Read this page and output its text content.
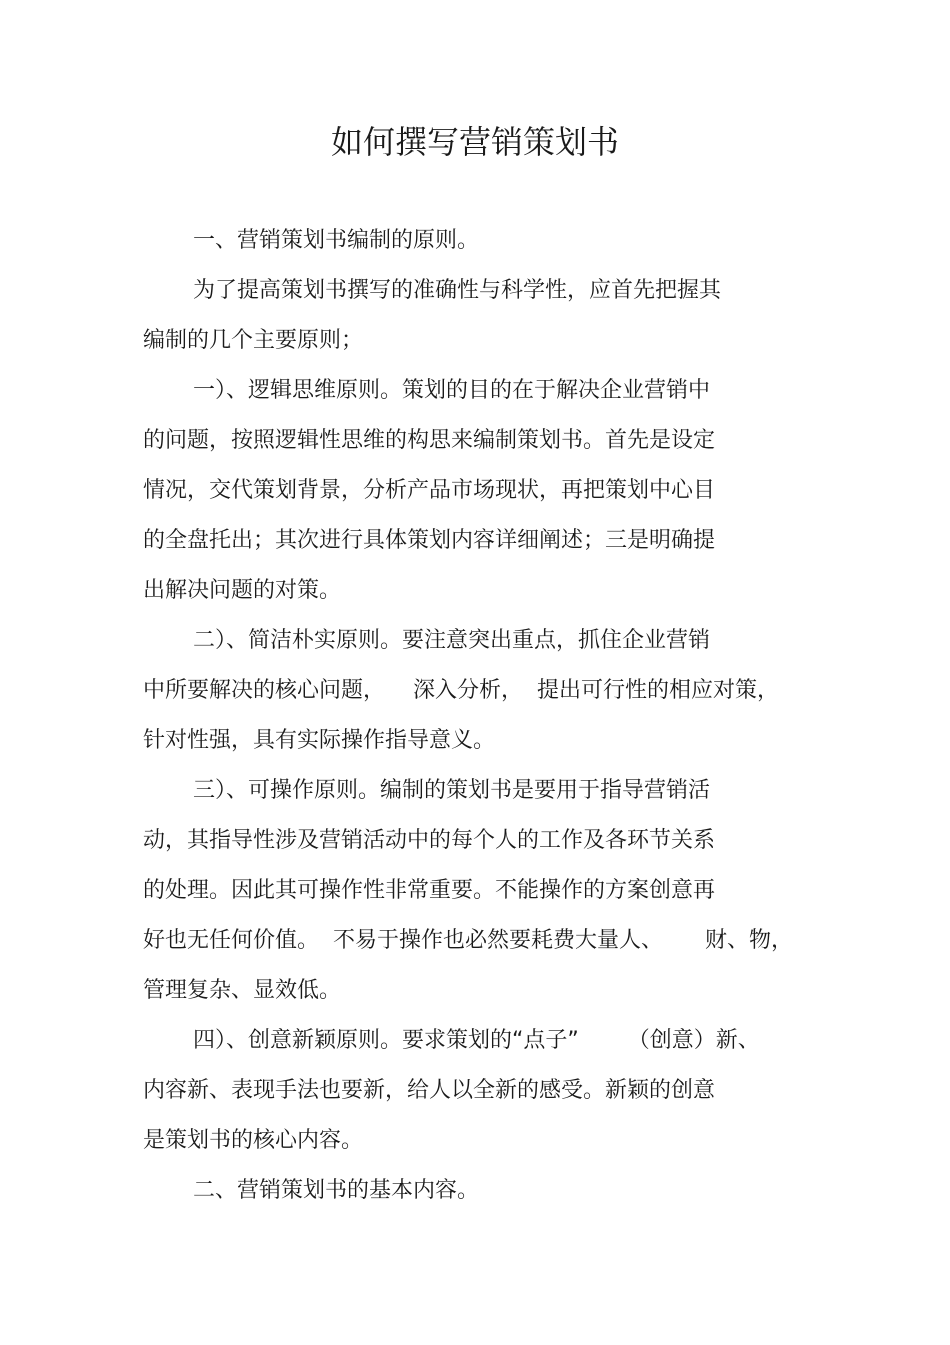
如何撰写营销策划书
一、营销策划书编制的原则。
为了提高策划书撰写的准确性与科学性，应首先把握其
编制的几个主要原则；
一）、逻辑思维原则。策划的目的在于解决企业营销中
的问题，按照逻辑性思维的构思来编制策划书。首先是设定
情况，交代策划背景，分析产品市场现状，再把策划中心目
的全盘托出；其次进行具体策划内容详细阐述；三是明确提
出解决问题的对策。
二）、简洁朴实原则。要注意突出重点，抓住企业营销
中所要解决的核心问题，    深入分析，  提出可行性的相应对策，
针对性强，具有实际操作指导意义。
三）、可操作原则。编制的策划书是要用于指导营销活
动，其指导性涉及营销活动中的每个人的工作及各环节关系
的处理。因此其可操作性非常重要。不能操作的方案创意再
好也无任何价值。  不易于操作也必然要耗费大量人、      财、物，
管理复杂、显效低。
四）、创意新颖原则。要求策划的“点子”       （创意）新、
内容新、表现手法也要新，给人以全新的感受。新颖的创意
是策划书的核心内容。
二、营销策划书的基本内容。
